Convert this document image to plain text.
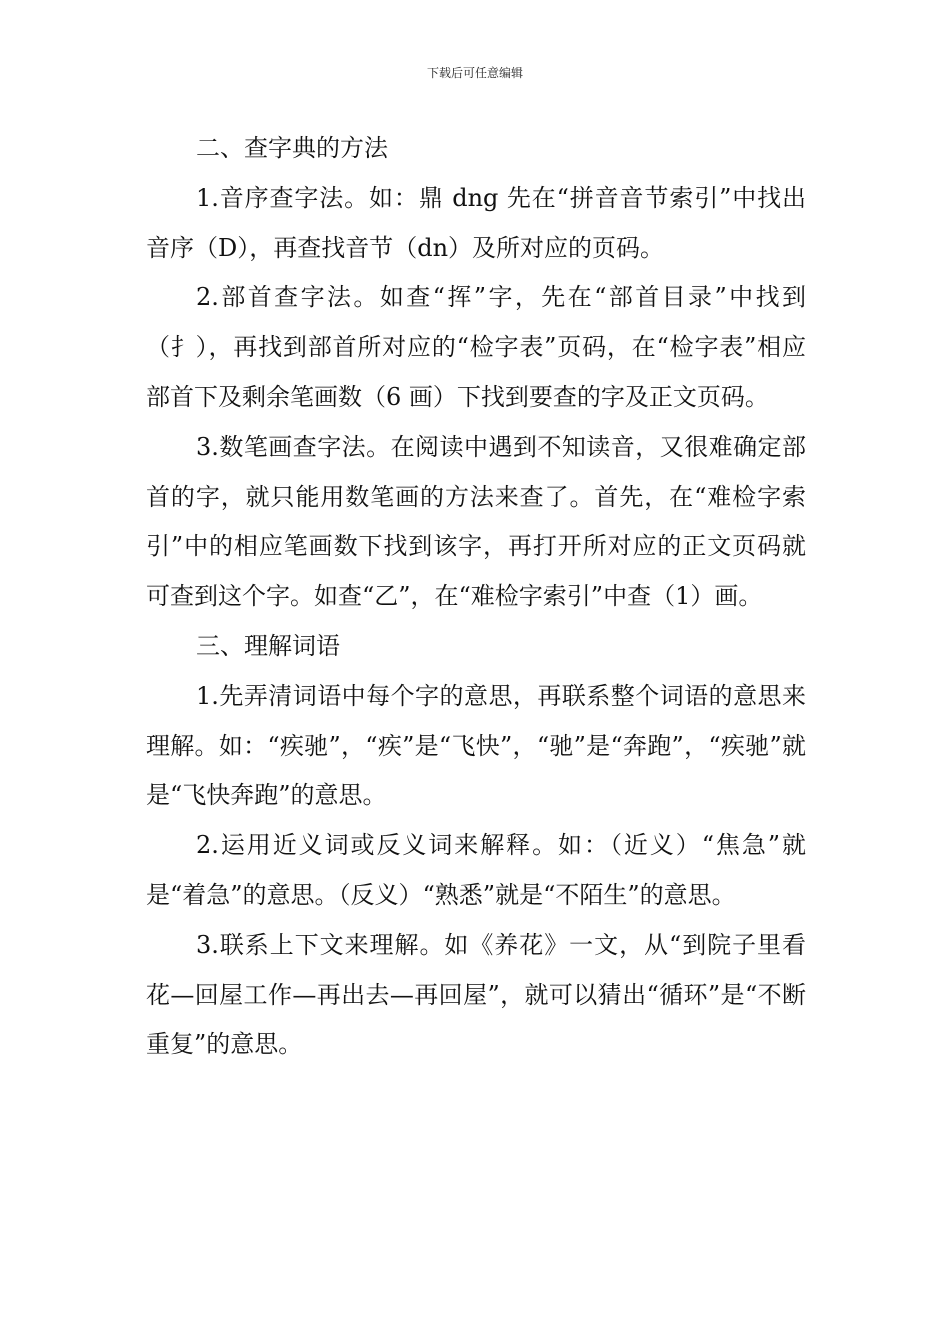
下载后可任意编辑

二、查字典的方法

1.音序查字法。如：鼎 dng 先在“拼音音节索引”中找出音序（D），再查找音节（dn）及所对应的页码。

2.部首查字法。如查“挥”字，先在“部首目录”中找到（扌），再找到部首所对应的“检字表”页码，在“检字表”相应部首下及剩余笔画数（6 画）下找到要查的字及正文页码。

3.数笔画查字法。在阅读中遇到不知读音，又很难确定部首的字，就只能用数笔画的方法来查了。首先，在“难检字索引”中的相应笔画数下找到该字，再打开所对应的正文页码就可查到这个字。如查“乙”，在“难检字索引”中查（1）画。

三、理解词语

1.先弄清词语中每个字的意思，再联系整个词语的意思来理解。如：“疾驰”，“疾”是“飞快”，“驰”是“奔跑”，“疾驰”就是“飞快奔跑”的意思。

2.运用近义词或反义词来解释。如：（近义）“焦急”就是“着急”的意思。（反义）“熟悉”就是“不陌生”的意思。

3.联系上下文来理解。如《养花》一文，从“到院子里看花—回屋工作—再出去—再回屋”，就可以猜出“循环”是“不断重复”的意思。
